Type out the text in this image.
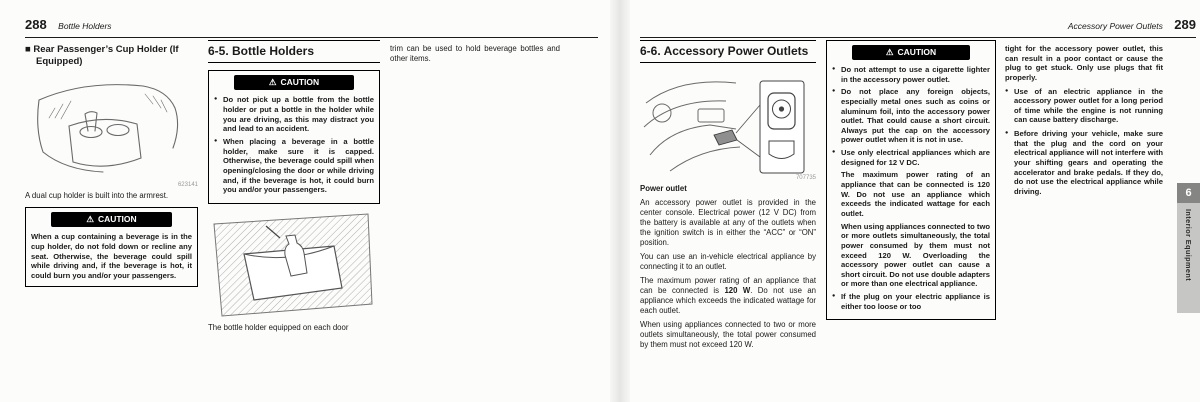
288 Bottle Holders	Accessory Power Outlets 289
■ Rear Passenger’s Cup Holder (If Equipped)
623141
A dual cup holder is built into the armrest.
⚠ CAUTION
When a cup containing a beverage is in the cup holder, do not fold down or recline any seat. Otherwise, the beverage could spill while driving and, if the beverage is hot, it could burn you and/or your passengers.
6-5. Bottle Holders
⚠ CAUTION
● Do not pick up a bottle from the bottle holder or put a bottle in the holder while you are driving, as this may distract you and lead to an accident.
● When placing a beverage in a bottle holder, make sure it is capped. Otherwise, the beverage could spill when opening/closing the door or while driving and, if the beverage is hot, it could burn you and/or your passengers.
The bottle holder equipped on each door
trim can be used to hold beverage bottles and other items.
6-6. Accessory Power Outlets
707735
Power outlet
An accessory power outlet is provided in the center console. Electrical power (12 V DC) from the battery is available at any of the outlets when the ignition switch is in either the “ACC” or “ON” position.
You can use an in-vehicle electrical appliance by connecting it to an outlet.
The maximum power rating of an appliance that can be connected is 120 W. Do not use an appliance which exceeds the indicated wattage for each outlet.
When using appliances connected to two or more outlets simultaneously, the total power consumed by them must not exceed 120 W.
⚠ CAUTION
● Do not attempt to use a cigarette lighter in the accessory power outlet.
● Do not place any foreign objects, especially metal ones such as coins or aluminum foil, into the accessory power outlet. That could cause a short circuit. Always put the cap on the accessory power outlet when it is not in use.
● Use only electrical appliances which are designed for 12 V DC.
The maximum power rating of an appliance that can be connected is 120 W. Do not use an appliance which exceeds the indicated wattage for each outlet.
When using appliances connected to two or more outlets simultaneously, the total power consumed by them must not exceed 120 W. Overloading the accessory power outlet can cause a short circuit. Do not use double adapters or more than one electrical appliance.
● If the plug on your electric appliance is either too loose or too
tight for the accessory power outlet, this can result in a poor contact or cause the plug to get stuck. Only use plugs that fit properly.
● Use of an electric appliance in the accessory power outlet for a long period of time while the engine is not running can cause battery discharge.
● Before driving your vehicle, make sure that the plug and the cord on your electrical appliance will not interfere with your shifting gears and operating the accelerator and brake pedals. If they do, do not use the electrical appliance while driving.	6
Interior Equipment
